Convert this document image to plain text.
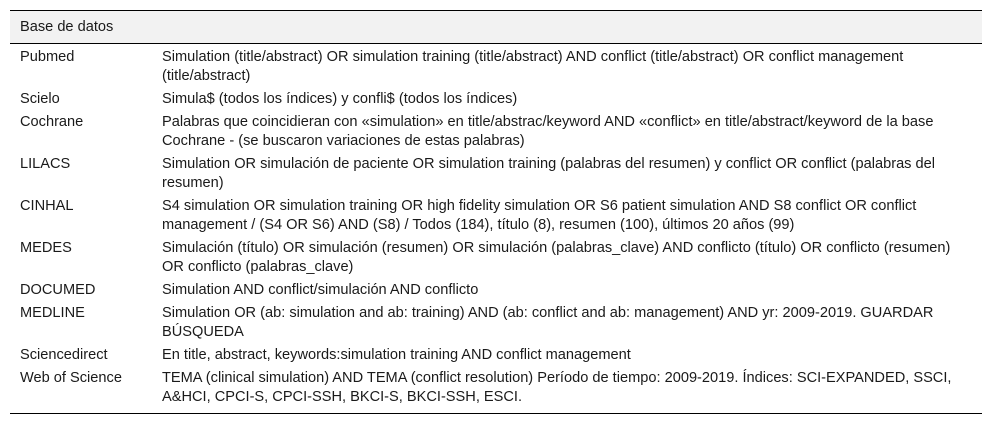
Base de datos	
Pubmed	Simulation (title/abstract) OR simulation training (title/abstract) AND conflict (title/abstract) OR conflict management (title/abstract)
Scielo	Simula$ (todos los índices) y confli$ (todos los índices)
Cochrane	Palabras que coincidieran con «simulation» en title/abstrac/keyword AND «conflict» en title/abstract/keyword de la base Cochrane - (se buscaron variaciones de estas palabras)
LILACS	Simulation OR simulación de paciente OR simulation training (palabras del resumen) y conflict OR conflict (palabras del resumen)
CINHAL	S4 simulation OR simulation training OR high fidelity simulation OR S6 patient simulation AND S8 conflict OR conflict management / (S4 OR S6) AND (S8) / Todos (184), título (8), resumen (100), últimos 20 años (99)
MEDES	Simulación (título) OR simulación (resumen) OR simulación (palabras_clave) AND conflicto (título) OR conflicto (resumen) OR conflicto (palabras_clave)
DOCUMED	Simulation AND conflict/simulación AND conflicto
MEDLINE	Simulation OR (ab: simulation and ab: training) AND (ab: conflict and ab: management) AND yr: 2009-2019. GUARDAR BÚSQUEDA
Sciencedirect	En title, abstract, keywords:simulation training AND conflict management
Web of Science	TEMA (clinical simulation) AND TEMA (conflict resolution) Período de tiempo: 2009-2019. Índices: SCI-EXPANDED, SSCI, A&HCI, CPCI-S, CPCI-SSH, BKCI-S, BKCI-SSH, ESCI.
